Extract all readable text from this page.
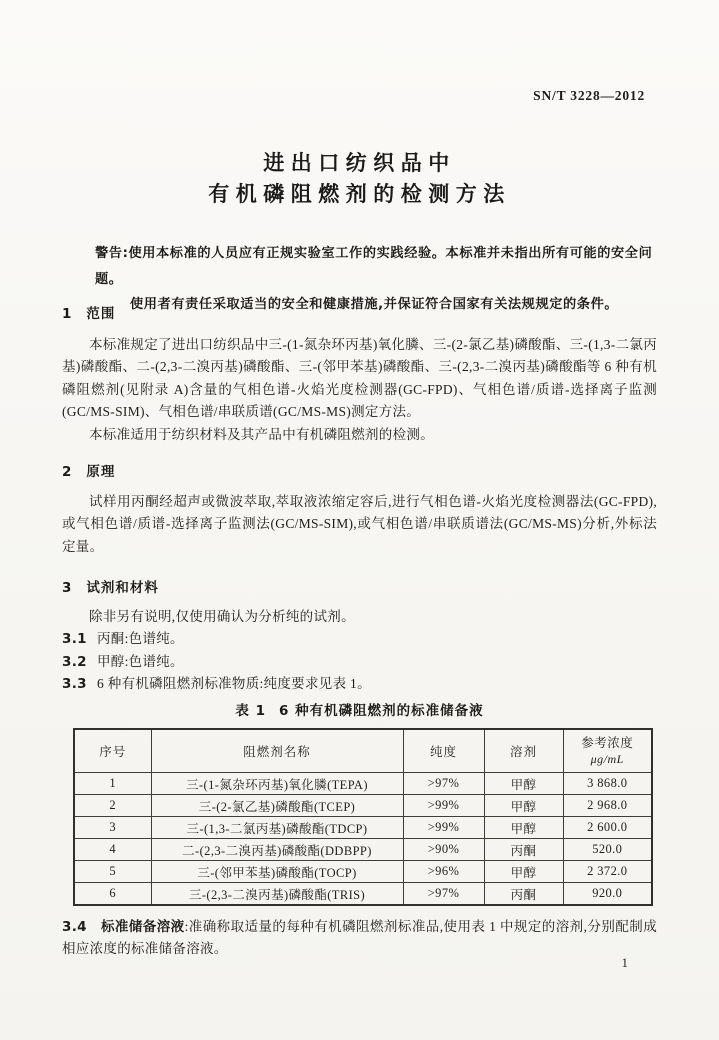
SN/T 3228—2012
进出口纺织品中
有机磷阻燃剂的检测方法
警告:使用本标准的人员应有正规实验室工作的实践经验。本标准并未指出所有可能的安全问题。
使用者有责任采取适当的安全和健康措施,并保证符合国家有关法规规定的条件。
1 范围

本标准规定了进出口纺织品中三-(1-氮杂环丙基)氧化膦、三-(2-氯乙基)磷酸酯、三-(1,3-二氯丙基)磷酸酯、二-(2,3-二溴丙基)磷酸酯、三-(邻甲苯基)磷酸酯、三-(2,3-二溴丙基)磷酸酯等 6 种有机磷阻燃剂(见附录 A)含量的气相色谱-火焰光度检测器(GC-FPD)、气相色谱/质谱-选择离子监测(GC/MS-SIM)、气相色谱/串联质谱(GC/MS-MS)测定方法。

本标准适用于纺织材料及其产品中有机磷阻燃剂的检测。

2 原理

试样用丙酮经超声或微波萃取,萃取液浓缩定容后,进行气相色谱-火焰光度检测器法(GC-FPD),或气相色谱/质谱-选择离子监测法(GC/MS-SIM),或气相色谱/串联质谱法(GC/MS-MS)分析,外标法定量。

3 试剂和材料

除非另有说明,仅使用确认为分析纯的试剂。

3.1 丙酮:色谱纯。

3.2 甲醇:色谱纯。

3.3 6 种有机磷阻燃剂标准物质:纯度要求见表 1。

表 1 6 种有机磷阻燃剂的标准储备液
序号	阻燃剂名称	纯度	溶剂	参考浓度
μg/mL

1	三-(1-氮杂环丙基)氧化膦(TEPA)	>97%	甲醇	3 868.0
2	三-(2-氯乙基)磷酸酯(TCEP)	>99%	甲醇	2 968.0
3	三-(1,3-二氯丙基)磷酸酯(TDCP)	>99%	甲醇	2 600.0
4	二-(2,3-二溴丙基)磷酸酯(DDBPP)	>90%	丙酮	520.0
5	三-(邻甲苯基)磷酸酯(TOCP)	>96%	甲醇	2 372.0
6	三-(2,3-二溴丙基)磷酸酯(TRIS)	>97%	丙酮	920.0
3.4 标准储备溶液:准确称取适量的每种有机磷阻燃剂标准品,使用表 1 中规定的溶剂,分别配制成相应浓度的标准储备溶液。
1
